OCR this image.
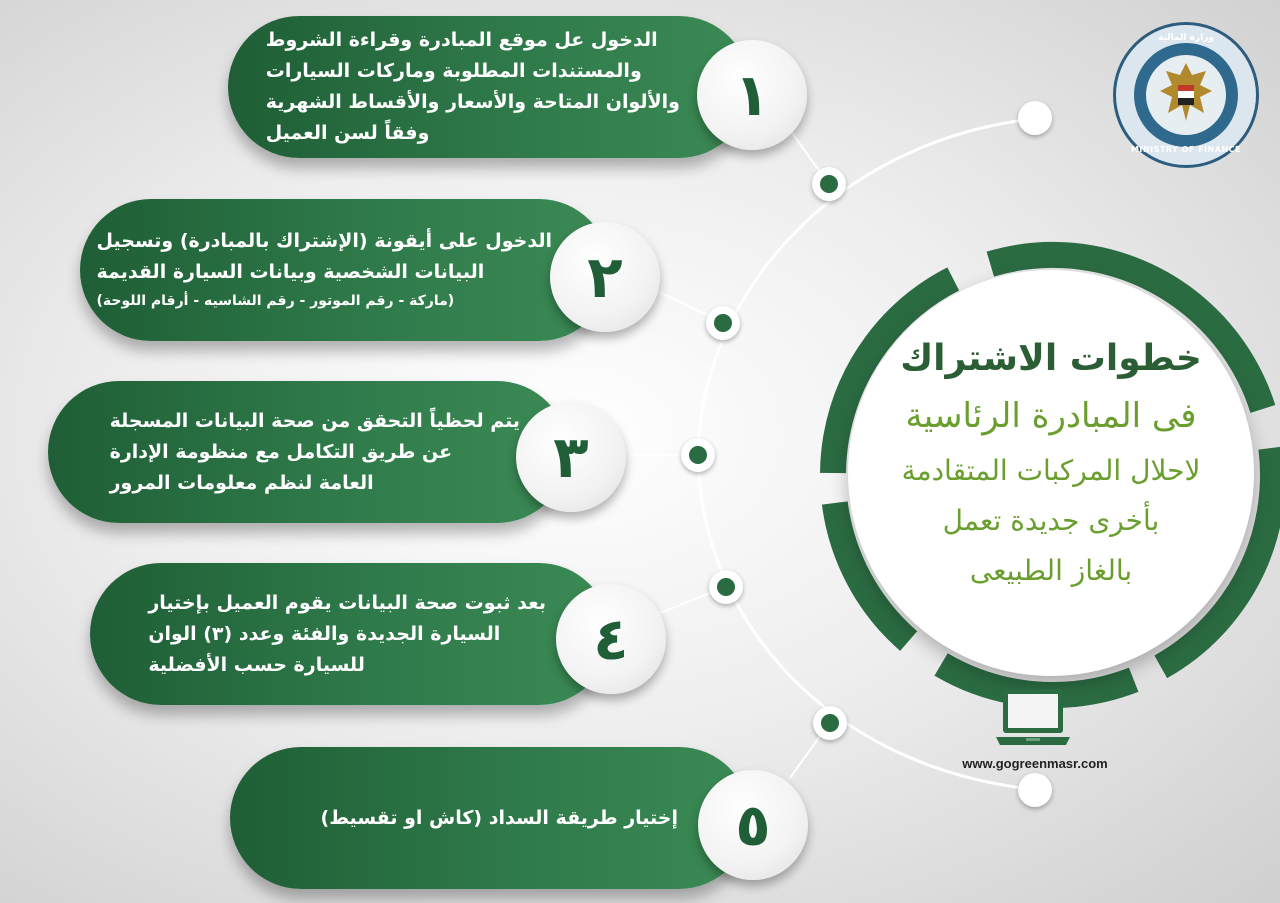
الدخول عل موقع المبادرة وقراءة الشروط
والمستندات المطلوبة وماركات السيارات
والألوان المتاحة والأسعار والأقساط الشهرية
وفقاً لسن العميل
١
الدخول على أيقونة (الإشتراك بالمبادرة) وتسجيل
البيانات الشخصية وبيانات السيارة القديمة
(ماركة - رقم الموتور - رقم الشاسيه - أرقام اللوحة)	٢
يتم لحظياً التحقق من صحة البيانات المسجلة
عن طريق التكامل مع منظومة الإدارة
العامة لنظم معلومات المرور	٣
بعد ثبوت صحة البيانات يقوم العميل بإختيار
السيارة الجديدة والفئة وعدد (٣) الوان
للسيارة حسب الأفضلية	٤
إختيار طريقة السداد (كاش او تقسيط) ٥
خطوات الاشتراك
فى المبادرة الرئاسية
لاحلال المركبات المتقادمة
بأخرى جديدة تعمل
بالغاز الطبيعى
وزارة المالية
MINISTRY OF FINANCE
www.gogreenmasr.com
